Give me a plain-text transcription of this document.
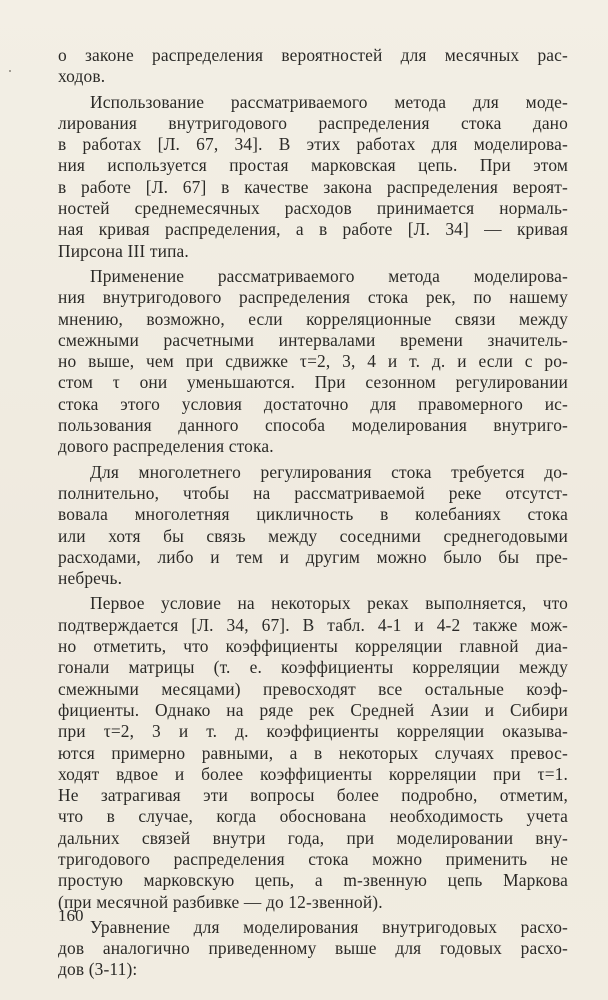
о законе распределения вероятностей для месячных рас-
ходов.
Использование рассматриваемого метода для моде-
лирования внутригодового распределения стока дано
в работах [Л. 67, 34]. В этих работах для моделирова-
ния используется простая марковская цепь. При этом
в работе [Л. 67] в качестве закона распределения вероят-
ностей среднемесячных расходов принимается нормаль-
ная кривая распределения, а в работе [Л. 34] — кривая
Пирсона III типа.
Применение рассматриваемого метода моделирова-
ния внутригодового распределения стока рек, по нашему
мнению, возможно, если корреляционные связи между
смежными расчетными интервалами времени значитель-
но выше, чем при сдвижке τ=2, 3, 4 и т. д. и если с ро-
стом τ они уменьшаются. При сезонном регулировании
стока этого условия достаточно для правомерного ис-
пользования данного способа моделирования внутриго-
дового распределения стока.
Для многолетнего регулирования стока требуется до-
полнительно, чтобы на рассматриваемой реке отсутст-
вовала многолетняя цикличность в колебаниях стока
или хотя бы связь между соседними среднегодовыми
расходами, либо и тем и другим можно было бы пре-
небречь.
Первое условие на некоторых реках выполняется, что
подтверждается [Л. 34, 67]. В табл. 4-1 и 4-2 также мож-
но отметить, что коэффициенты корреляции главной диа-
гонали матрицы (т. е. коэффициенты корреляции между
смежными месяцами) превосходят все остальные коэф-
фициенты. Однако на ряде рек Средней Азии и Сибири
при τ=2, 3 и т. д. коэффициенты корреляции оказыва-
ются примерно равными, а в некоторых случаях превос-
ходят вдвое и более коэффициенты корреляции при τ=1.
Не затрагивая эти вопросы более подробно, отметим,
что в случае, когда обоснована необходимость учета
дальних связей внутри года, при моделировании вну-
тригодового распределения стока можно применить не
простую марковскую цепь, а m-звенную цепь Маркова
(при месячной разбивке — до 12-звенной).
Уравнение для моделирования внутригодовых расхо-
дов аналогично приведенному выше для годовых расхо-
дов (3-11):
160
